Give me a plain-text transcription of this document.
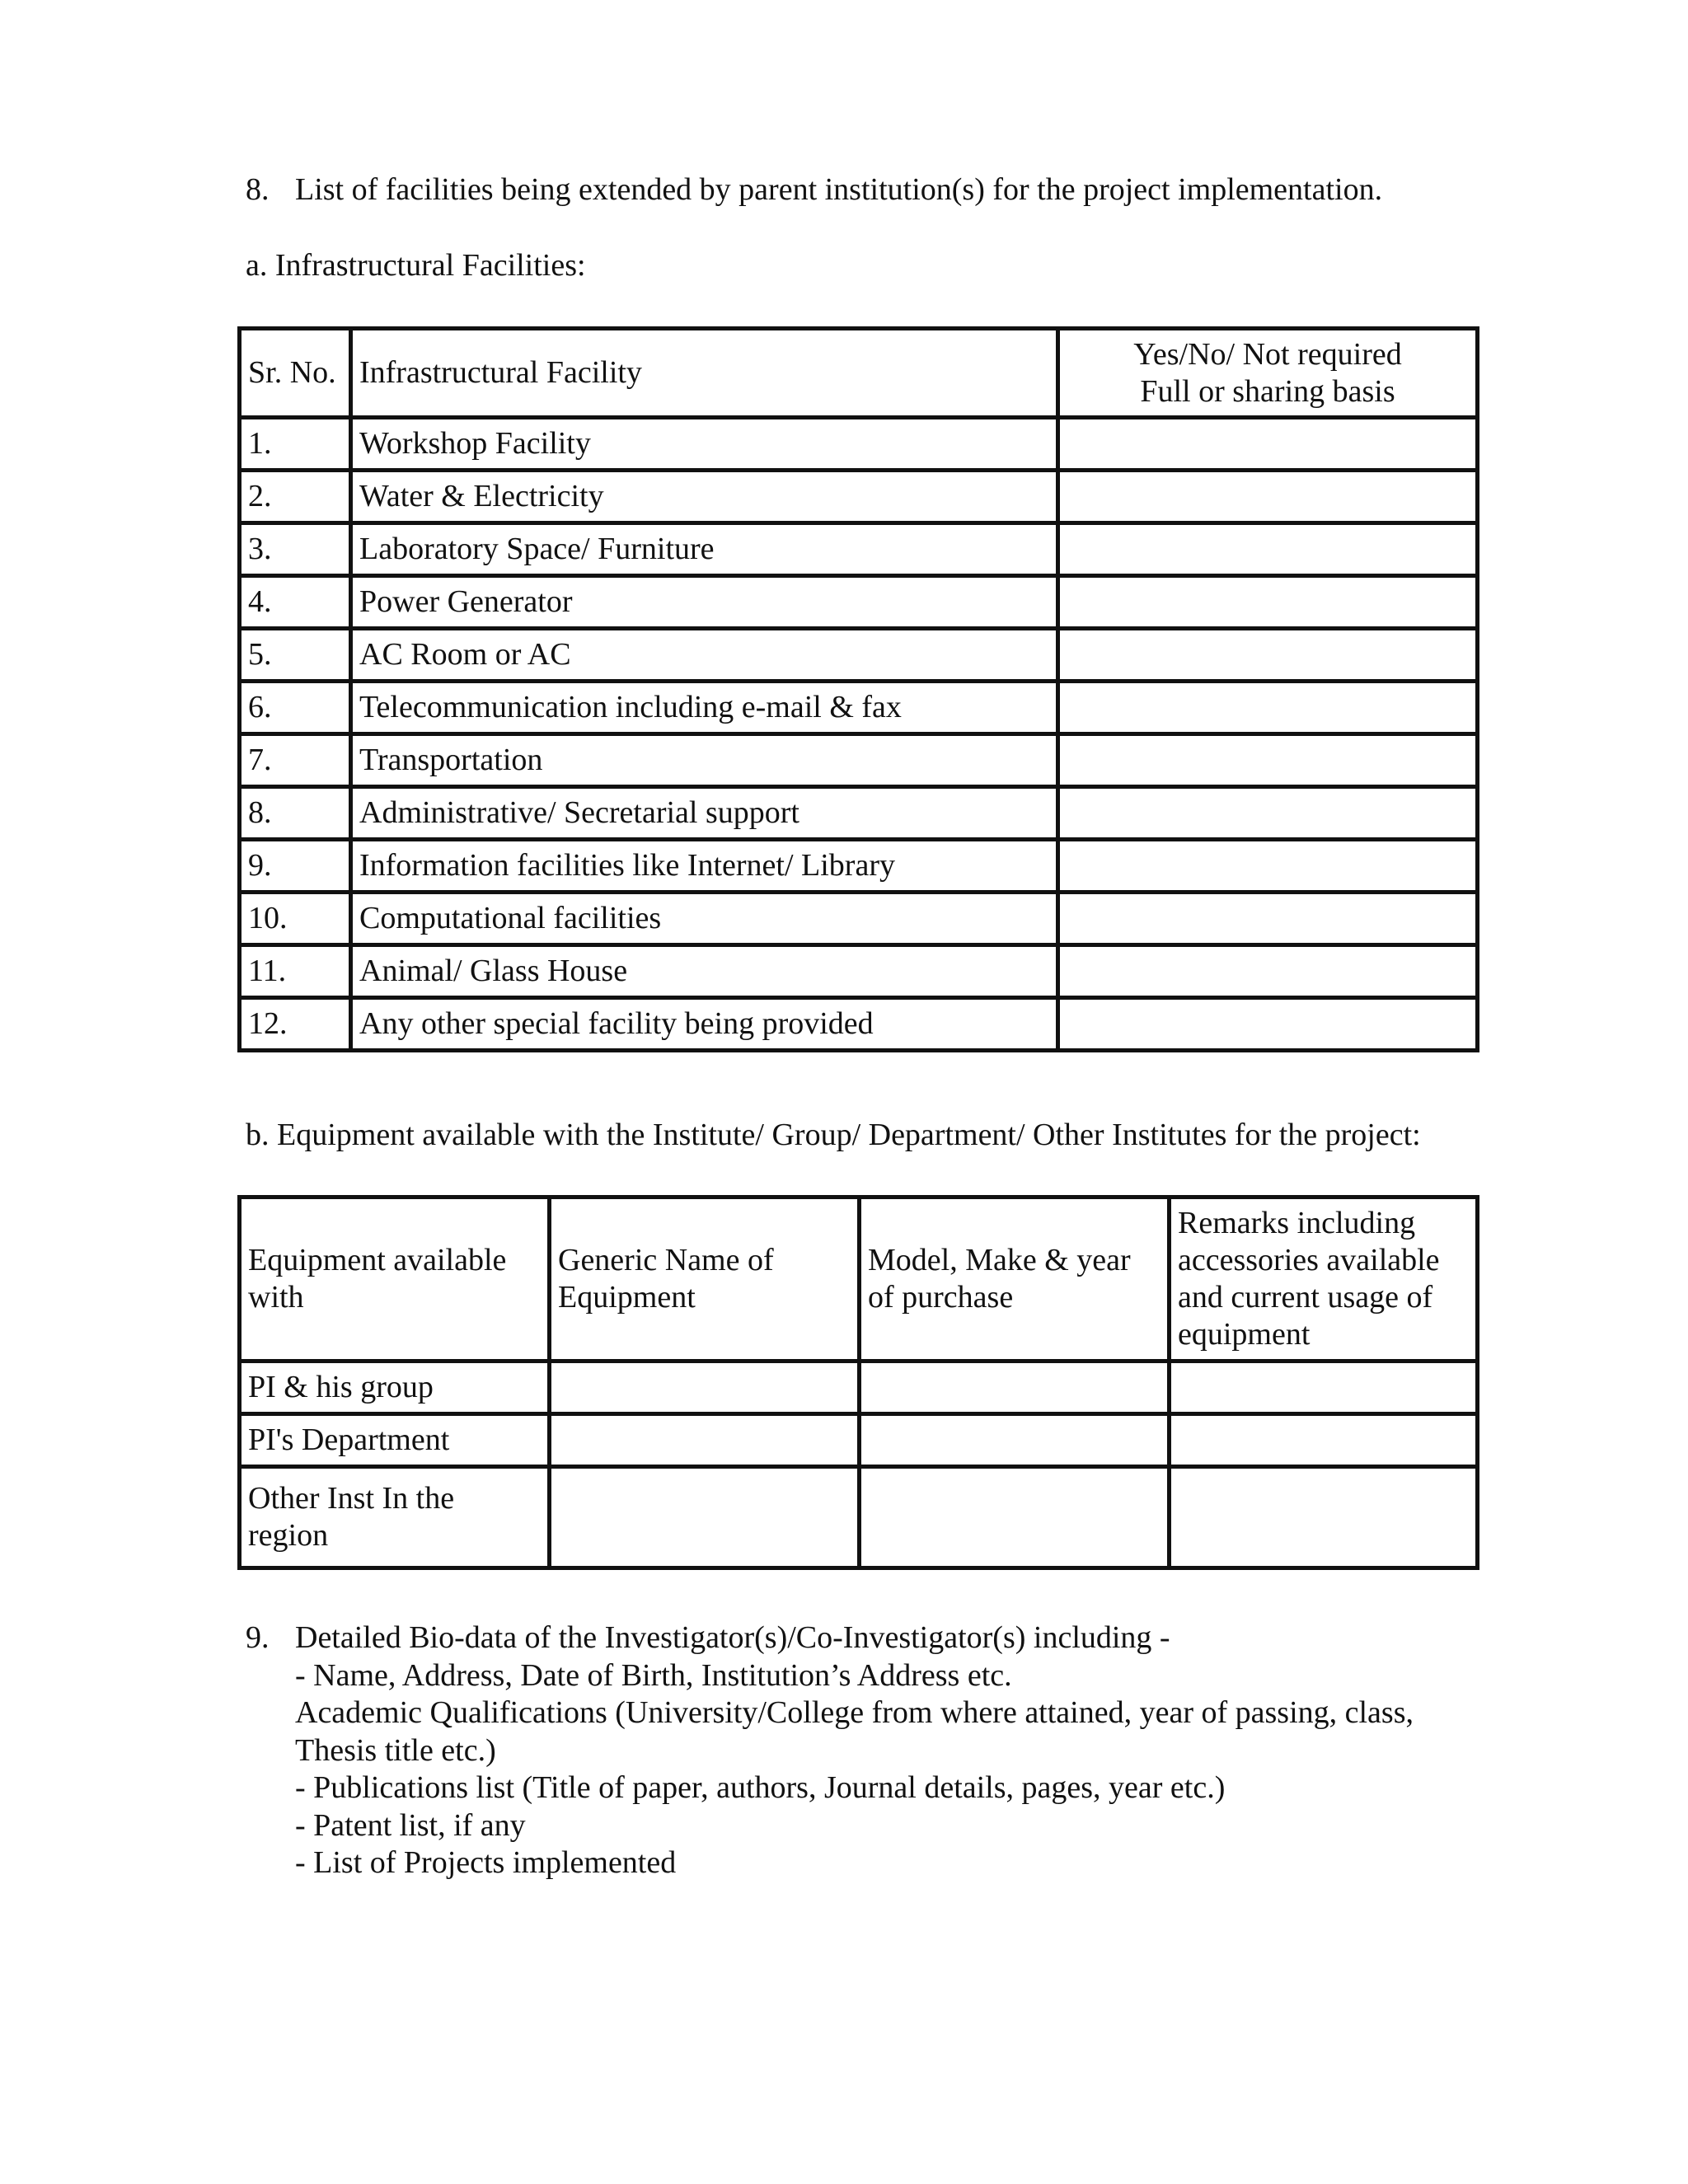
8. List of facilities being extended by parent institution(s) for the project implementation.
a. Infrastructural Facilities:
Sr. No.	Infrastructural Facility	Yes/No/ Not required
Full or sharing basis

1.	Workshop Facility	
2.	Water & Electricity	
3.	Laboratory Space/ Furniture	
4.	Power Generator	
5.	AC Room or AC	
6.	Telecommunication including e-mail & fax	
7.	Transportation	
8.	Administrative/ Secretarial support	
9.	Information facilities like Internet/ Library	
10.	Computational facilities	
11.	Animal/ Glass House	
12.	Any other special facility being provided	
b. Equipment available with the Institute/ Group/ Department/ Other Institutes for the project:
Equipment available with	Generic Name of Equipment	Model, Make & year of purchase	Remarks including accessories available and current usage of equipment
PI & his group			
PI's Department			
Other Inst In the region			
9. Detailed Bio-data of the Investigator(s)/Co-Investigator(s) including -
- Name, Address, Date of Birth, Institution’s Address etc.
Academic Qualifications (University/College from where attained, year of passing, class,
Thesis title etc.)
- Publications list (Title of paper, authors, Journal details, pages, year etc.)
- Patent list, if any
- List of Projects implemented
